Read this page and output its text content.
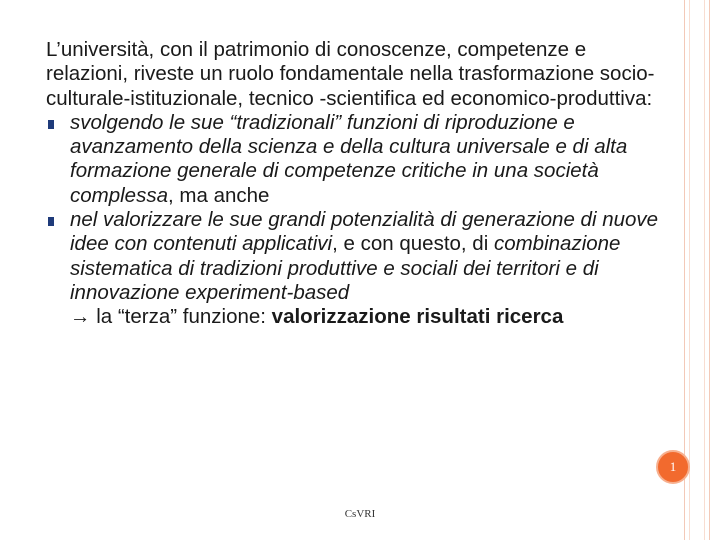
L’università, con il patrimonio di conoscenze, competenze e relazioni, riveste un ruolo fondamentale nella trasformazione socio-culturale-istituzionale, tecnico -scientifica ed economico-produttiva:

svolgendo le sue “tradizionali” funzioni di riproduzione e avanzamento della scienza e della cultura universale e di alta formazione generale di competenze critiche in una società complessa, ma anche
nel valorizzare le sue grandi potenzialità di generazione di nuove idee con contenuti applicativi, e con questo, di combinazione sistematica di tradizioni produttive e sociali dei territori e di innovazione experiment-based
→ la “terza” funzione: valorizzazione risultati ricerca
1
CsVRI
